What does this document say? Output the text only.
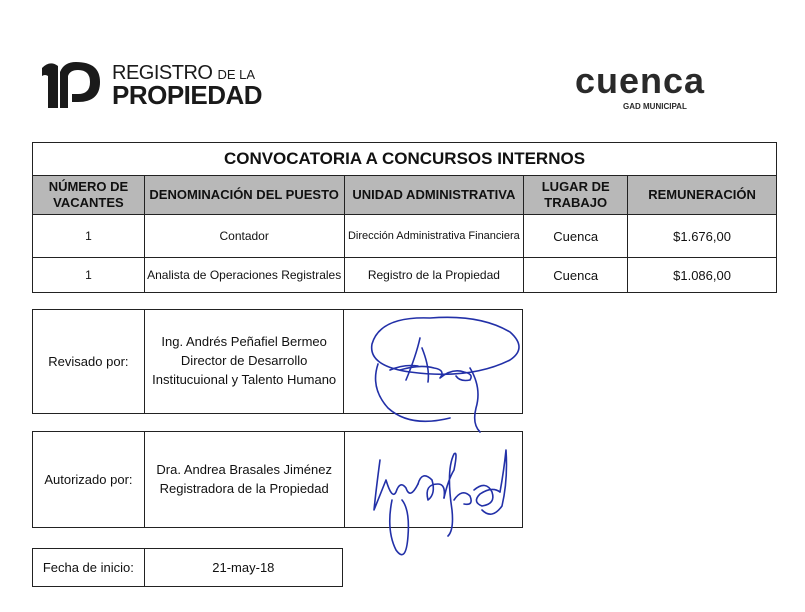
REGISTRO DE LA
PROPIEDAD	cuenca
GAD MUNICIPAL
CONVOCATORIA A CONCURSOS INTERNOS				
NÚMERO DE VACANTES	DENOMINACIÓN DEL PUESTO	UNIDAD ADMINISTRATIVA	LUGAR DE TRABAJO	REMUNERACIÓN
1	Contador	Dirección Administrativa Financiera	Cuenca	$1.676,00
1	Analista de Operaciones Registrales	Registro de la Propiedad	Cuenca	$1.086,00
Revisado por:	
Ing. Andrés Peñafiel Bermeo
Director de Desarrollo
Institucuional y Talento Humano

Autorizado por:	
Dra. Andrea Brasales Jiménez
Registradora de la Propiedad

Fecha de inicio:	21-may-18
